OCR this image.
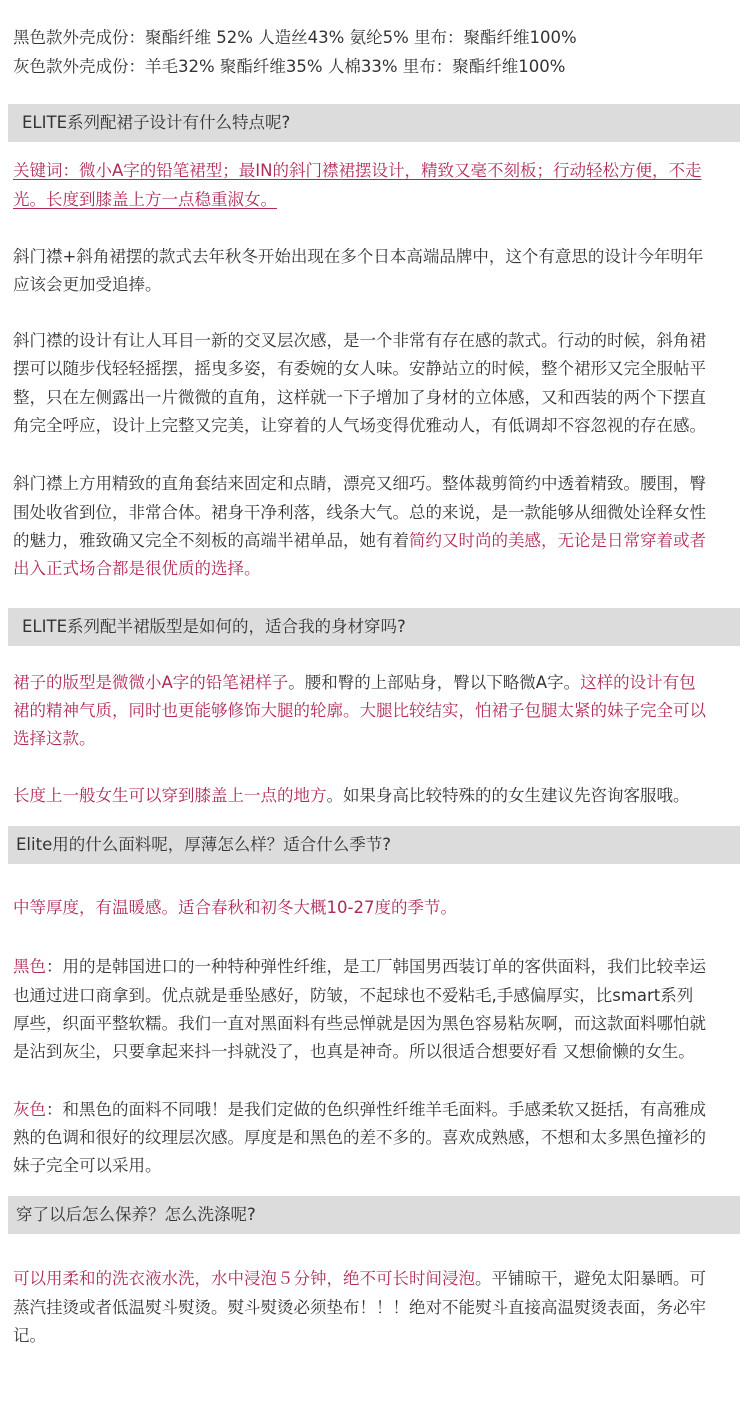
黑色款外壳成份：聚酯纤维 52% 人造丝43% 氨纶5% 里布：聚酯纤维100%

灰色款外壳成份：羊毛32% 聚酯纤维35% 人棉33% 里布：聚酯纤维100%

ELITE系列配裙子设计有什么特点呢?

关键词：微小A字的铅笔裙型；最IN的斜门襟裙摆设计，精致又毫不刻板；行动轻松方便，不走

光。长度到膝盖上方一点稳重淑女。

斜门襟+斜角裙摆的款式去年秋冬开始出现在多个日本高端品牌中，这个有意思的设计今年明年

应该会更加受追捧。

斜门襟的设计有让人耳目一新的交叉层次感，是一个非常有存在感的款式。行动的时候，斜角裙

摆可以随步伐轻轻摇摆，摇曳多姿，有委婉的女人味。安静站立的时候，整个裙形又完全服帖平

整，只在左侧露出一片微微的直角，这样就一下子增加了身材的立体感，又和西装的两个下摆直

角完全呼应，设计上完整又完美，让穿着的人气场变得优雅动人，有低调却不容忽视的存在感。

斜门襟上方用精致的直角套结来固定和点睛，漂亮又细巧。整体裁剪简约中透着精致。腰围，臀

围处收省到位，非常合体。裙身干净利落，线条大气。总的来说，是一款能够从细微处诠释女性

的魅力，雅致确又完全不刻板的高端半裙单品，她有着简约又时尚的美感，无论是日常穿着或者

出入正式场合都是很优质的选择。

ELITE系列配半裙版型是如何的，适合我的身材穿吗?

裙子的版型是微微小A字的铅笔裙样子。腰和臀的上部贴身，臀以下略微A字。这样的设计有包

裙的精神气质，同时也更能够修饰大腿的轮廓。大腿比较结实，怕裙子包腿太紧的妹子完全可以

选择这款。

长度上一般女生可以穿到膝盖上一点的地方。如果身高比较特殊的的女生建议先咨询客服哦。

Elite用的什么面料呢，厚薄怎么样？适合什么季节?

中等厚度，有温暖感。适合春秋和初冬大概10-27度的季节。

黑色：用的是韩国进口的一种特种弹性纤维，是工厂韩国男西装订单的客供面料，我们比较幸运

也通过进口商拿到。优点就是垂坠感好，防皱，不起球也不爱粘毛,手感偏厚实，比smart系列

厚些，织面平整软糯。我们一直对黑面料有些忌惮就是因为黑色容易粘灰啊，而这款面料哪怕就

是沾到灰尘，只要拿起来抖一抖就没了，也真是神奇。所以很适合想要好看 又想偷懒的女生。

灰色：和黑色的面料不同哦！是我们定做的色织弹性纤维羊毛面料。手感柔软又挺括，有高雅成

熟的色调和很好的纹理层次感。厚度是和黑色的差不多的。喜欢成熟感，不想和太多黑色撞衫的

妹子完全可以采用。

穿了以后怎么保养？怎么洗涤呢?

可以用柔和的洗衣液水洗，水中浸泡５分钟，绝不可长时间浸泡。平铺晾干，避免太阳暴晒。可

蒸汽挂烫或者低温熨斗熨烫。熨斗熨烫必须垫布！！！绝对不能熨斗直接高温熨烫表面，务必牢

记。
